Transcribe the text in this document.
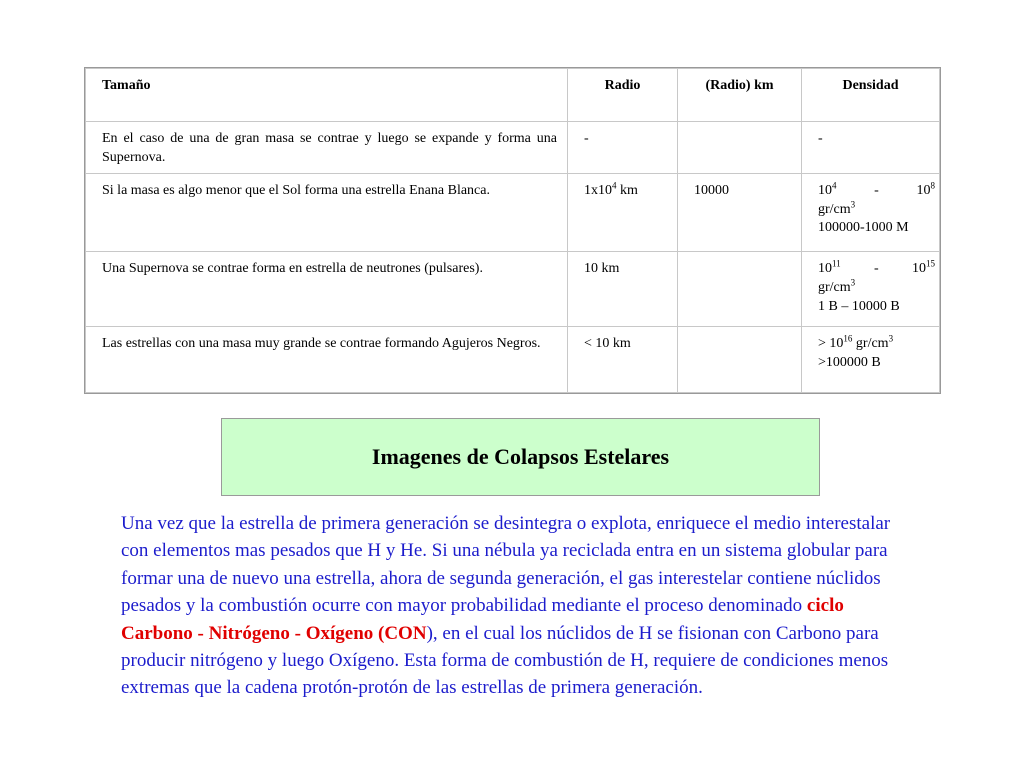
Tamaño	Radio	(Radio) km	Densidad

En el caso de una de gran masa se contrae y luego se expande y forma una Supernova.	-		-

Si la masa es algo menor que el Sol forma una estrella Enana Blanca.	$1x10^4$ km	10000	$10^4 - 10^8$
$gr/cm^3$
100000-1000 M

Una Supernova se contrae forma en estrella de neutrones (pulsares).	10 km		$10^{11} - 10^{15}$
$gr/cm^3$
1 B – 10000 B

Las estrellas con una masa muy grande se contrae formando Agujeros Negros.	< 10 km		> $10^{16}$ $gr/cm^3$
>100000 B
Imagenes de Colapsos Estelares
Una vez que la estrella de primera generación se desintegra o explota, enriquece el medio interestalar con elementos mas pesados que H y He. Si una nébula ya reciclada entra en un sistema globular para formar una de nuevo una estrella, ahora de segunda generación, el gas interestelar contiene núclidos pesados y la combustión ocurre con mayor probabilidad mediante el proceso denominado ciclo Carbono - Nitrógeno - Oxígeno (CON), en el cual los núclidos de H se fisionan con Carbono para producir nitrógeno y luego Oxígeno. Esta forma de combustión de H, requiere de condiciones menos extremas que la cadena protón-protón de las estrellas de primera generación.
